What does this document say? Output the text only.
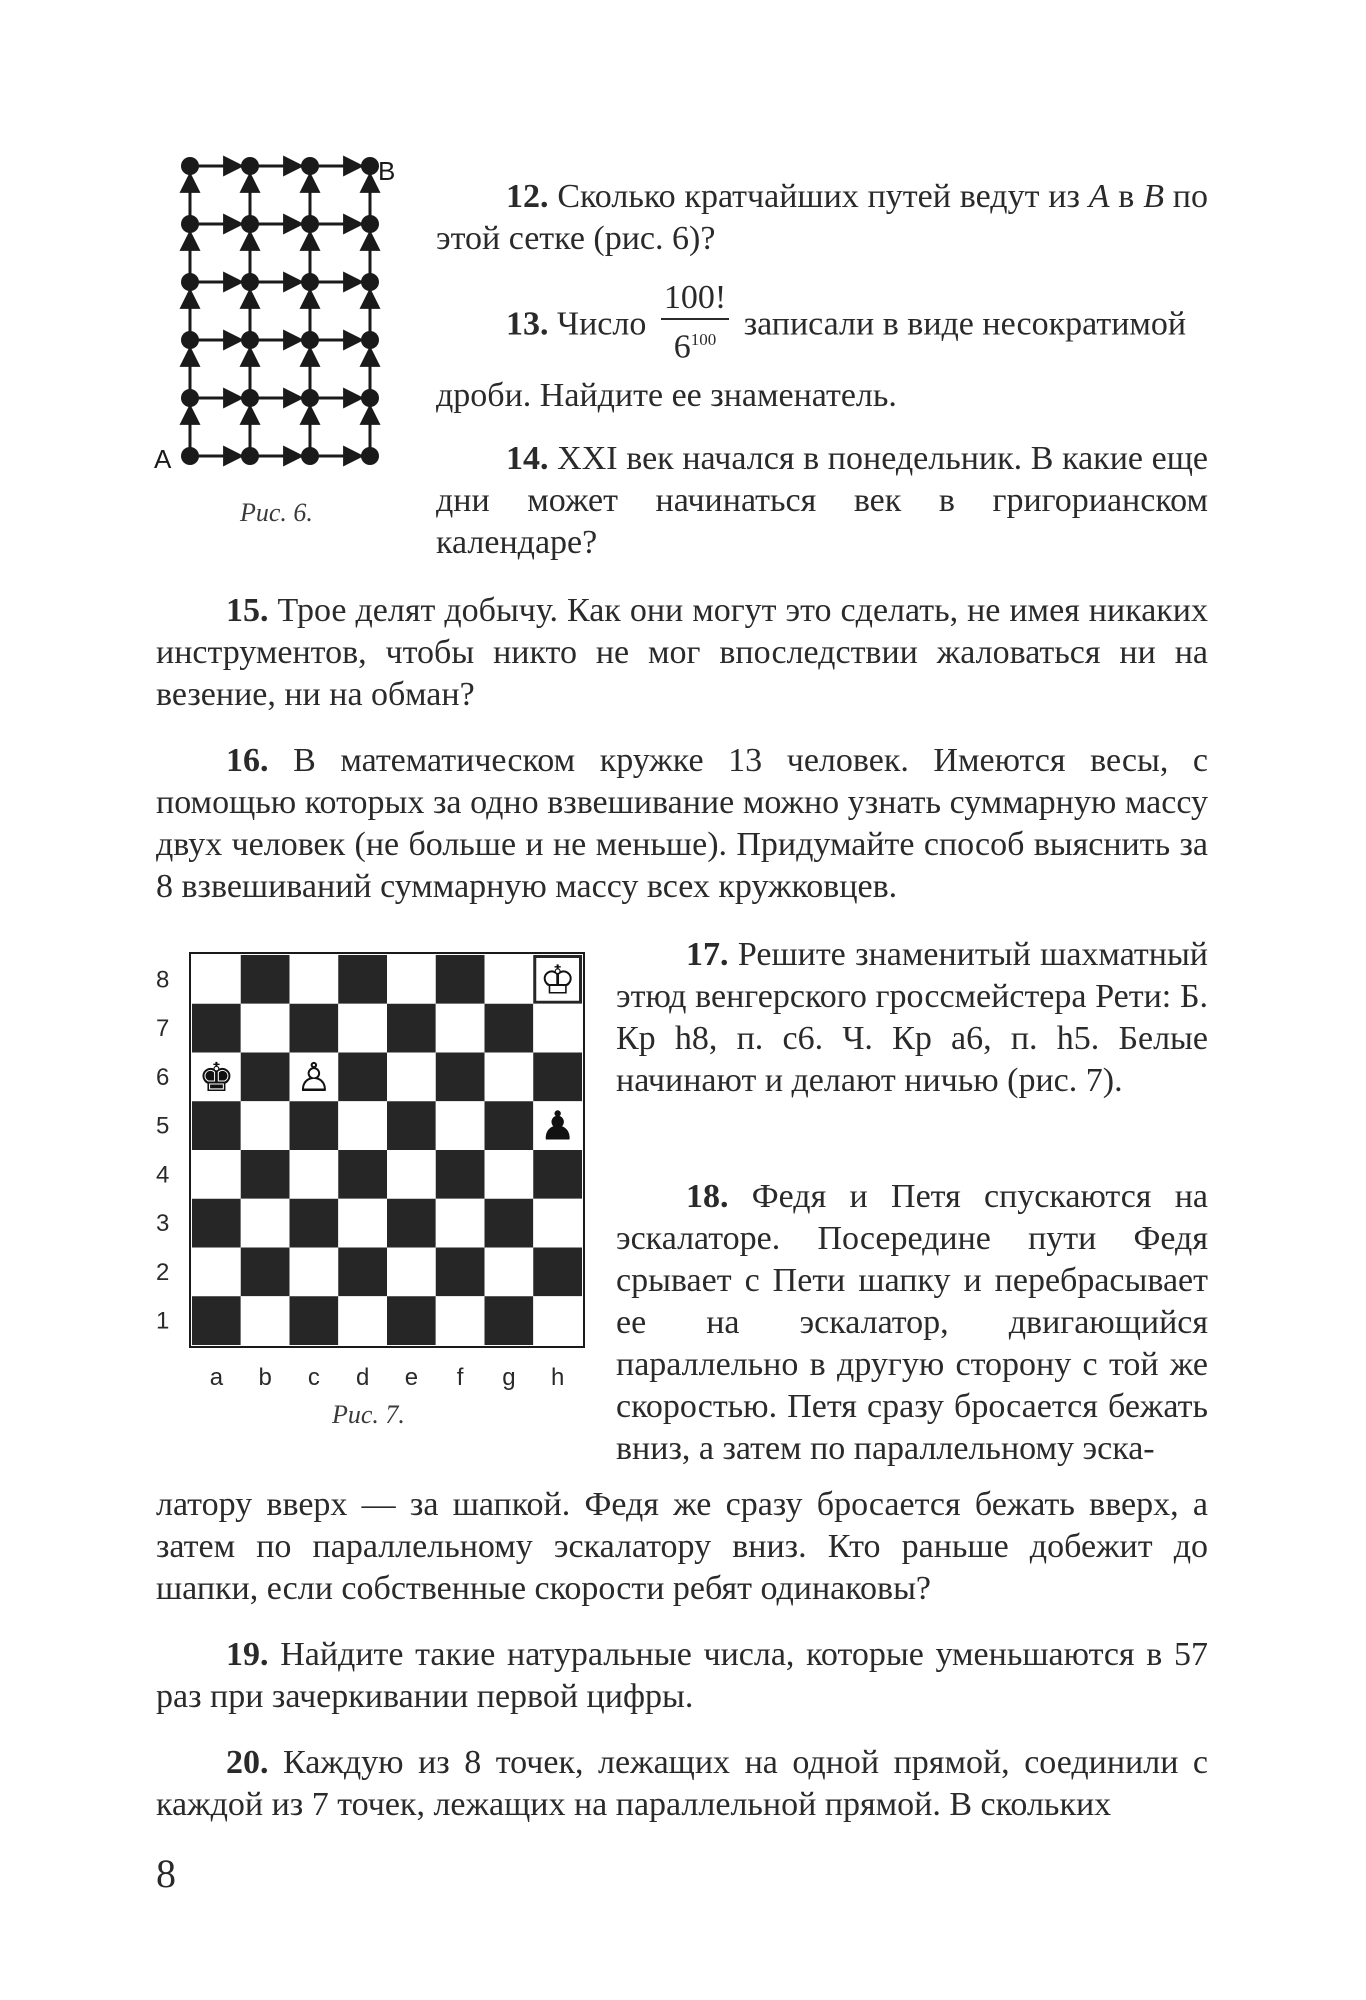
B
A
Рис. 6.

12. Сколько кратчайших путей ведут из A в B по этой сетке (рис. 6)?

13. Число $\frac{100!}{6^{100}}$ записали в виде несократимой
дроби. Найдите ее знаменатель.

14. XXI век начался в понедельник. В какие еще дни может начинаться век в григорианском календаре?

15. Трое делят добычу. Как они могут это сделать, не имея никаких инструментов, чтобы никто не мог впоследствии жаловаться ни на везение, ни на обман?

16. В математическом кружке 13 человек. Имеются весы, с помощью которых за одно взвешивание можно узнать суммарную массу двух человек (не больше и не меньше). Придумайте способ выяснить за 8 взвешиваний суммарную массу всех кружковцев.

8
7
6
5
4
3
2
1
a b c d e f g h
♔
♚ ♙
♟
Рис. 7.

17. Решите знаменитый шахматный этюд венгерского гроссмейстера Рети: Б. Кр h8, п. с6. Ч. Кр а6, п. h5. Белые начинают и делают ничью (рис. 7).

18. Федя и Петя спускаются на эскалаторе. Посередине пути Федя срывает с Пети шапку и перебрасывает ее на эскалатор, двигающийся параллельно в другую сторону с той же скоростью. Петя сразу бросается бежать вниз, а затем по параллельному эска-

латору вверх — за шапкой. Федя же сразу бросается бежать вверх, а затем по параллельному эскалатору вниз. Кто раньше добежит до шапки, если собственные скорости ребят одинаковы?

19. Найдите такие натуральные числа, которые уменьшаются в 57 раз при зачеркивании первой цифры.

20. Каждую из 8 точек, лежащих на одной прямой, соединили с каждой из 7 точек, лежащих на параллельной прямой. В скольких

8
